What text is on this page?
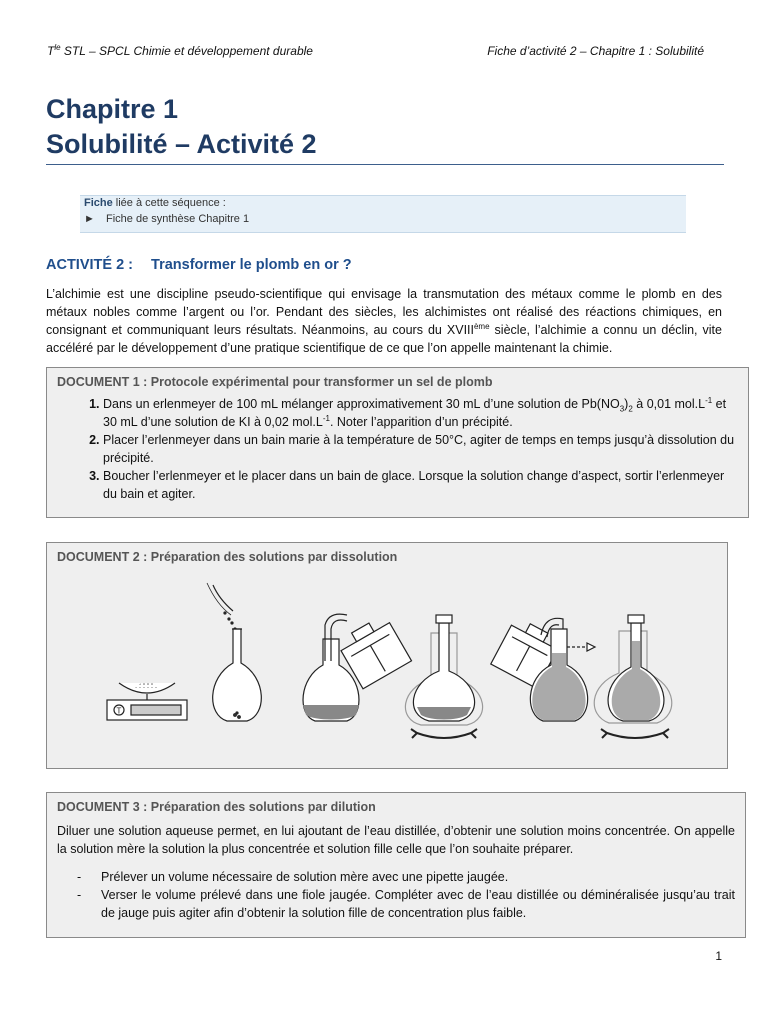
$T^{le}$ STL – SPCL Chimie et développement durable	Fiche d’activité 2 – Chapitre 1 : Solubilité
Chapitre 1
Solubilité – Activité 2
Fiche liée à cette séquence :
► Fiche de synthèse Chapitre 1
ACTIVITÉ 2 : Transformer le plomb en or ?
L’alchimie est une discipline pseudo-scientifique qui envisage la transmutation des métaux comme le plomb en des métaux nobles comme l’argent ou l’or. Pendant des siècles, les alchimistes ont réalisé des réactions chimiques, en consignant et communiquant leurs résultats. Néanmoins, au cours du XVIIIème siècle, l’alchimie a connu un déclin, vite accéléré par le développement d’une pratique scientifique de ce que l’on appelle maintenant la chimie.
DOCUMENT 1 : Protocole expérimental pour transformer un sel de plomb
1. Dans un erlenmeyer de 100 mL mélanger approximativement 30 mL d’une solution de $Pb(NO_3)_2$ à 0,01 $mol.L^{-1}$ et 30 mL d’une solution de KI à 0,02 $mol.L^{-1}$. Noter l’apparition d’un précipité.
2. Placer l’erlenmeyer dans un bain marie à la température de 50°C, agiter de temps en temps jusqu’à dissolution du précipité.
3. Boucher l’erlenmeyer et le placer dans un bain de glace. Lorsque la solution change d’aspect, sortir l’erlenmeyer du bain et agiter.
DOCUMENT 2 : Préparation des solutions par dissolution
T
DOCUMENT 3 : Préparation des solutions par dilution

Diluer une solution aqueuse permet, en lui ajoutant de l’eau distillée, d’obtenir une solution moins concentrée. On appelle la solution mère la solution la plus concentrée et solution fille celle que l’on souhaite préparer.

- Prélever un volume nécessaire de solution mère avec une pipette jaugée.
- Verser le volume prélevé dans une fiole jaugée. Compléter avec de l’eau distillée ou déminéralisée jusqu’au trait de jauge puis agiter afin d’obtenir la solution fille de concentration plus faible.
1
